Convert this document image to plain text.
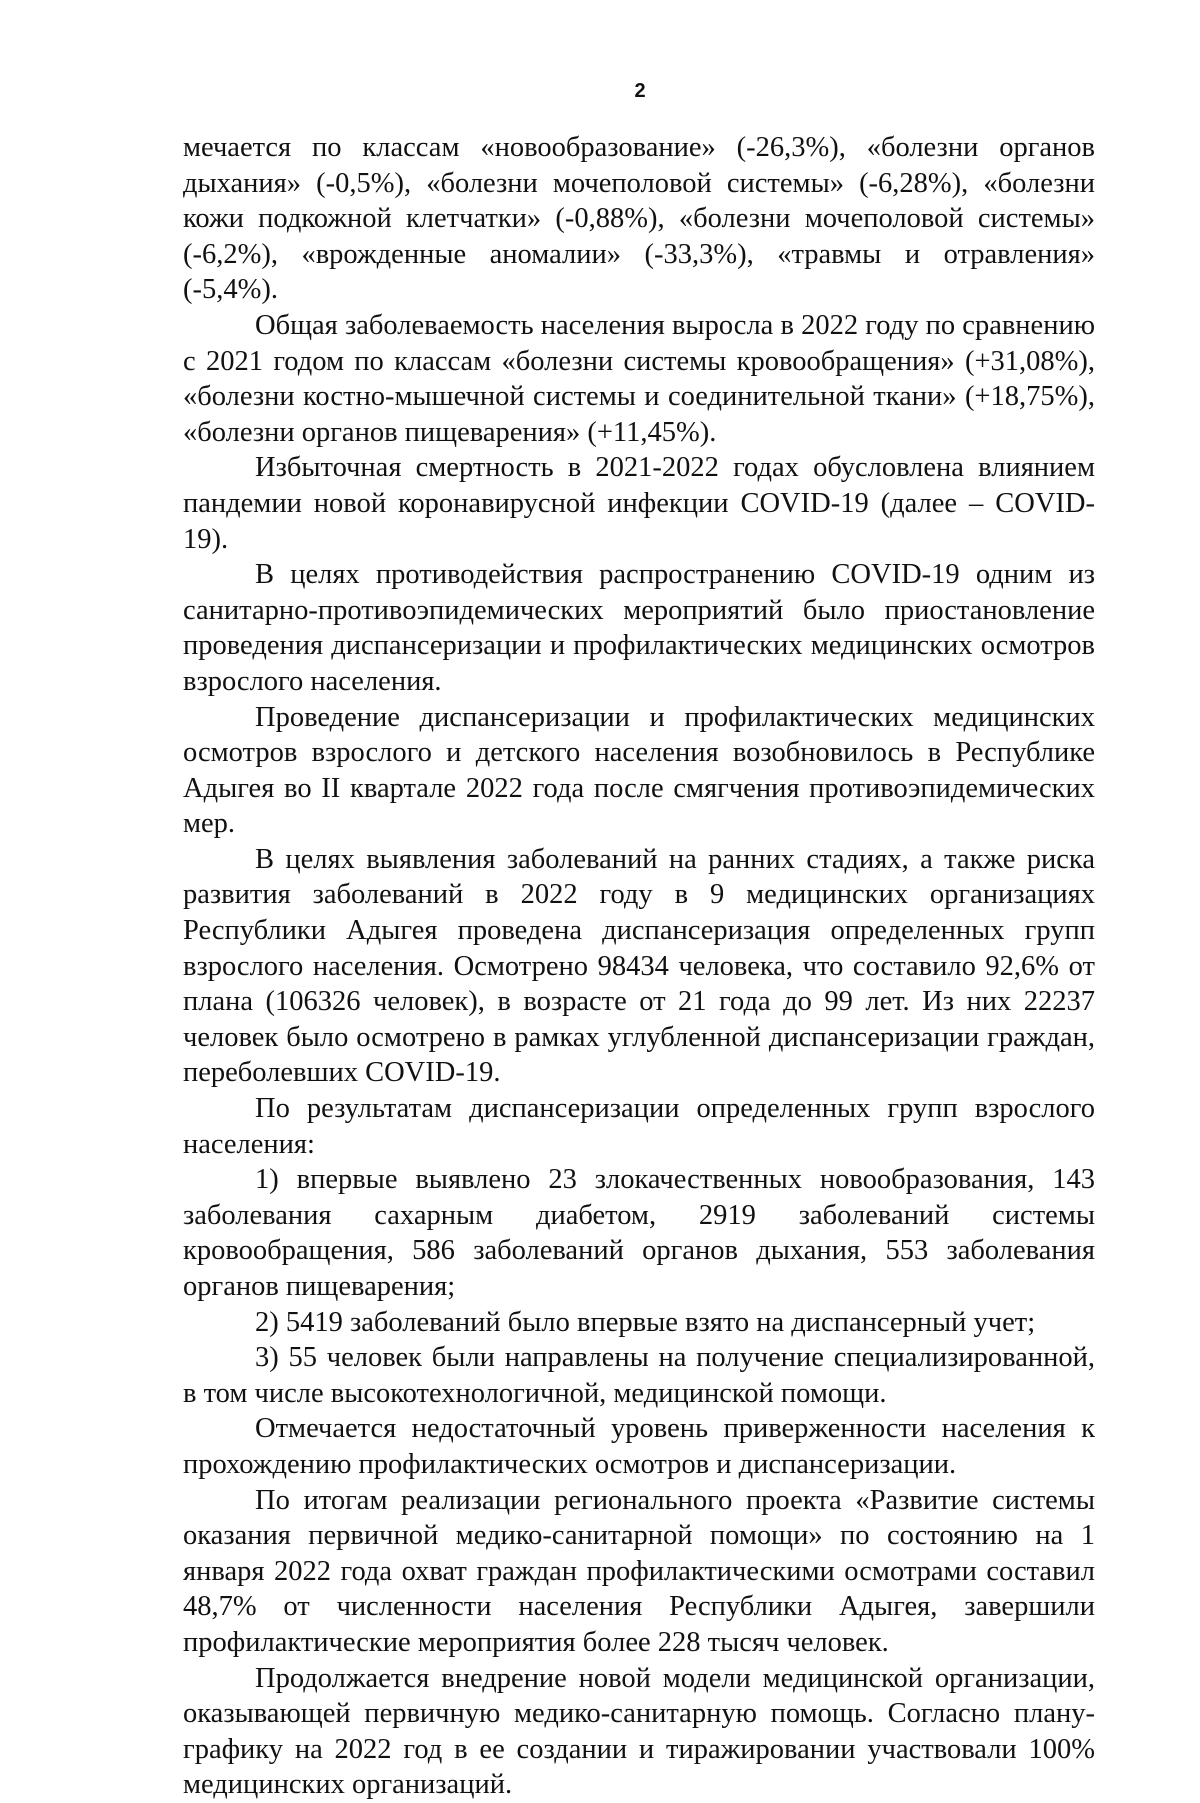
2

мечается по классам «новообразование» (-26,3%), «болезни органов дыхания» (-0,5%), «болезни мочеполовой системы» (-6,28%), «болезни кожи подкожной клетчатки» (-0,88%), «болезни мочеполовой системы» (-6,2%), «врожденные аномалии» (-33,3%), «травмы и отравления» (-5,4%).

Общая заболеваемость населения выросла в 2022 году по сравнению с 2021 годом по классам «болезни системы кровообращения» (+31,08%), «болезни костно-мышечной системы и соединительной ткани» (+18,75%), «болезни органов пищеварения» (+11,45%).

Избыточная смертность в 2021-2022 годах обусловлена влиянием пандемии новой коронавирусной инфекции COVID-19 (далее – COVID-19).

В целях противодействия распространению COVID-19 одним из санитарно-противоэпидемических мероприятий было приостановление проведения диспансеризации и профилактических медицинских осмотров взрослого населения.

Проведение диспансеризации и профилактических медицинских осмотров взрослого и детского населения возобновилось в Республике Адыгея во II квартале 2022 года после смягчения противоэпидемических мер.

В целях выявления заболеваний на ранних стадиях, а также риска развития заболеваний в 2022 году в 9 медицинских организациях Республики Адыгея проведена диспансеризация определенных групп взрослого населения. Осмотрено 98434 человека, что составило 92,6% от плана (106326 человек), в возрасте от 21 года до 99 лет. Из них 22237 человек было осмотрено в рамках углубленной диспансеризации граждан, переболевших COVID-19.

По результатам диспансеризации определенных групп взрослого населения:

1) впервые выявлено 23 злокачественных новообразования, 143 заболевания сахарным диабетом, 2919 заболеваний системы кровообращения, 586 заболеваний органов дыхания, 553 заболевания органов пищеварения;

2) 5419 заболеваний было впервые взято на диспансерный учет;

3) 55 человек были направлены на получение специализированной, в том числе высокотехнологичной, медицинской помощи.

Отмечается недостаточный уровень приверженности населения к прохождению профилактических осмотров и диспансеризации.

По итогам реализации регионального проекта «Развитие системы оказания первичной медико-санитарной помощи» по состоянию на 1 января 2022 года охват граждан профилактическими осмотрами составил 48,7% от численности населения Республики Адыгея, завершили профилактические мероприятия более 228 тысяч человек.

Продолжается внедрение новой модели медицинской организации, оказывающей первичную медико-санитарную помощь. Согласно плану-графику на 2022 год в ее создании и тиражировании участвовали 100% медицинских организаций.
